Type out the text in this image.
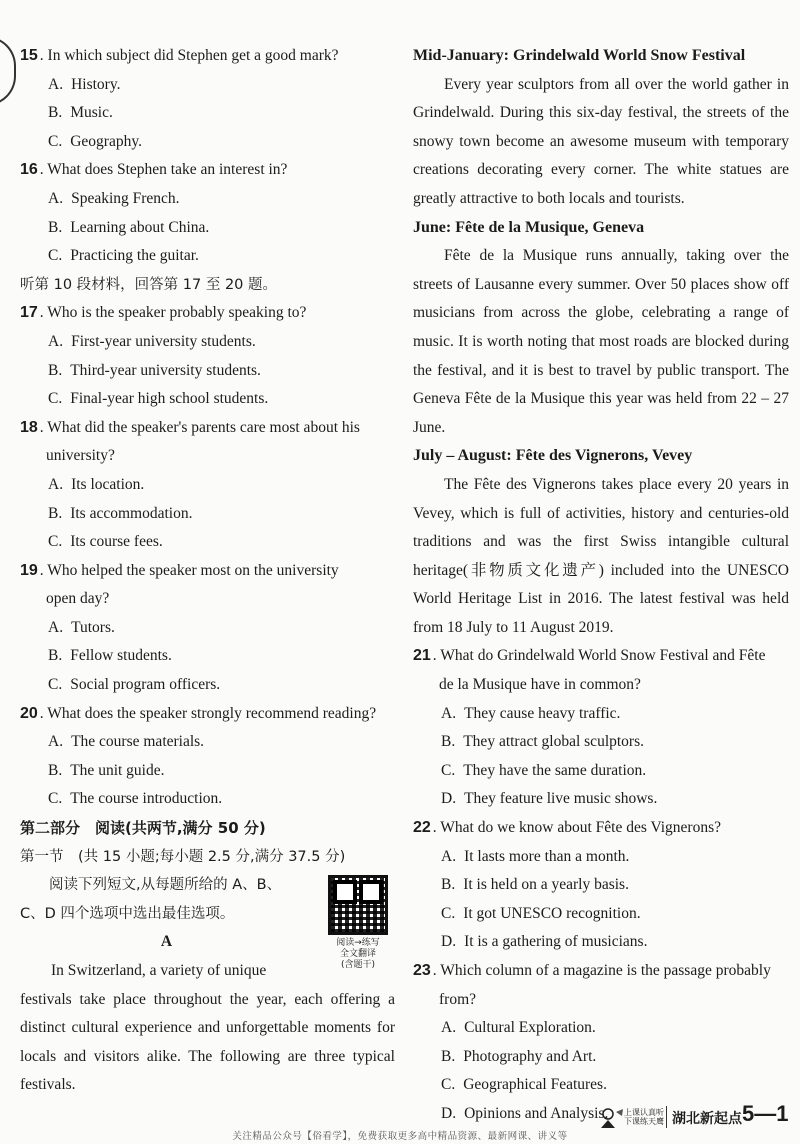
15 . In which subject did Stephen get a good mark?
A. History.
B. Music.
C. Geography.
16 . What does Stephen take an interest in?
A. Speaking French.
B. Learning about China.
C. Practicing the guitar.
听第 10 段材料，回答第 17 至 20 题。
17 . Who is the speaker probably speaking to?
A. First-year university students.
B. Third-year university students.
C. Final-year high school students.
18 . What did the speaker's parents care most about his
university?
A. Its location.
B. Its accommodation.
C. Its course fees.
19 . Who helped the speaker most on the university
open day?
A. Tutors.
B. Fellow students.
C. Social program officers.
20 . What does the speaker strongly recommend reading?
A. The course materials.
B. The unit guide.
C. The course introduction.
第二部分　阅读(共两节,满分 50 分)
第一节　(共 15 小题;每小题 2.5 分,满分 37.5 分)
阅读→练写
全文翻译
(含题干)
阅读下列短文,从每题所给的 A、B、
C、D 四个选项中选出最佳选项。
A
In Switzerland, a variety of unique
festivals take place throughout the year, each offering a distinct cultural experience and unforgettable moments for locals and visitors alike. The following are three typical festivals.
Mid-January: Grindelwald World Snow Festival
Every year sculptors from all over the world gather in Grindelwald. During this six-day festival, the streets of the snowy town become an awesome museum with temporary creations decorating every corner. The white statues are greatly attractive to both locals and tourists.
June: Fête de la Musique, Geneva
Fête de la Musique runs annually, taking over the streets of Lausanne every summer. Over 50 places show off musicians from across the globe, celebrating a range of music. It is worth noting that most roads are blocked during the festival, and it is best to travel by public transport. The Geneva Fête de la Musique this year was held from 22 – 27 June.
July – August: Fête des Vignerons, Vevey
The Fête des Vignerons takes place every 20 years in Vevey, which is full of activities, history and centuries-old traditions and was the first Swiss intangible cultural heritage(非物质文化遗产) included into the UNESCO World Heritage List in 2016. The latest festival was held from 18 July to 11 August 2019.
21 . What do Grindelwald World Snow Festival and Fête
de la Musique have in common?
A. They cause heavy traffic.
B. They attract global sculptors.
C. They have the same duration.
D. They feature live music shows.
22 . What do we know about Fête des Vignerons?
A. It lasts more than a month.
B. It is held on a yearly basis.
C. It got UNESCO recognition.
D. It is a gathering of musicians.
23 . Which column of a magazine is the passage probably
from?
A. Cultural Exploration.
B. Photography and Art.
C. Geographical Features.
D. Opinions and Analysis.	上课认真听
下课练天鹰 湖北新起点 5—1
关注精品公众号【俗看学】，免费获取更多高中精品资源、最新网课、讲义等
